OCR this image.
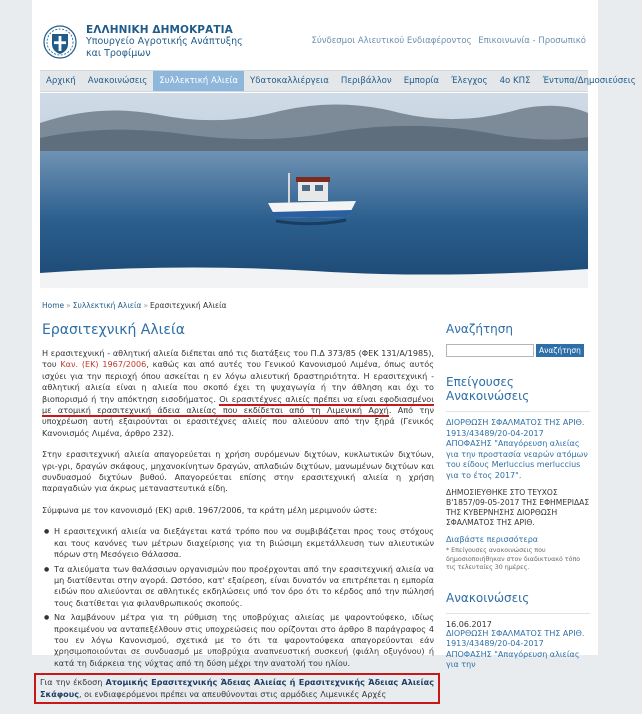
ΕΛΛΗΝΙΚΗ ΔΗΜΟΚΡΑΤΙΑ
Υπουργείο Αγροτικής Ανάπτυξης
και Τροφίμων
Σύνδεσμοι Αλιευτικού Ενδιαφέροντος Επικοινωνία - Προσωπικό
Αρχική	Ανακοινώσεις	Συλλεκτική Αλιεία	Υδατοκαλλιέργεια	Περιβάλλον	Εμπορία	Έλεγχος	4ο ΚΠΣ	Έντυπα/Δημοσιεύσεις
Home » Συλλεκτική Αλιεία » Ερασιτεχνική Αλιεία
Ερασιτεχνική Αλιεία
Η ερασιτεχνική - αθλητική αλιεία διέπεται από τις διατάξεις του Π.Δ 373/85 (ΦΕΚ 131/Α/1985), του Καν. (ΕΚ) 1967/2006, καθώς και από αυτές του Γενικού Κανονισμού Λιμένα, όπως αυτός ισχύει για την περιοχή όπου ασκείται η εν λόγω αλιευτική δραστηριότητα. Η ερασιτεχνική - αθλητική αλιεία είναι η αλιεία που σκοπό έχει τη ψυχαγωγία ή την άθληση και όχι το βιοπορισμό ή την απόκτηση εισοδήματος. Οι ερασιτέχνες αλιείς πρέπει να είναι εφοδιασμένοι με ατομική ερασιτεχνική άδεια αλιείας που εκδίδεται από τη Λιμενική Αρχή. Από την υποχρέωση αυτή εξαιρούνται οι ερασιτέχνες αλιείς που αλιεύουν από την ξηρά (Γενικός Κανονισμός Λιμένα, άρθρο 232).
Στην ερασιτεχνική αλιεία απαγορεύεται η χρήση συρόμενων διχτύων, κυκλωτικών διχτύων, γρι-γρι, δραγών σκάφους, μηχανοκίνητων δραγών, απλαδιών διχτύων, μανωμένων διχτύων και συνδυασμού διχτύων βυθού. Απαγορεύεται επίσης στην ερασιτεχνική αλιεία η χρήση παραγαδιών για άκρως μεταναστευτικά είδη.
Σύμφωνα με τον κανονισμό (ΕΚ) αριθ. 1967/2006, τα κράτη μέλη μεριμνούν ώστε:
● Η ερασιτεχνική αλιεία να διεξάγεται κατά τρόπο που να συμβιβάζεται προς τους στόχους και τους κανόνες των μέτρων διαχείρισης για τη βιώσιμη εκμετάλλευση των αλιευτικών πόρων στη Μεσόγειο Θάλασσα.
● Τα αλιεύματα των θαλάσσιων οργανισμών που προέρχονται από την ερασιτεχνική αλιεία να μη διατίθενται στην αγορά. Ωστόσο, κατ' εξαίρεση, είναι δυνατόν να επιτρέπεται η εμπορία ειδών που αλιεύονται σε αθλητικές εκδηλώσεις υπό τον όρο ότι το κέρδος από την πώλησή τους διατίθεται για φιλανθρωπικούς σκοπούς.
● Να λαμβάνουν μέτρα για τη ρύθμιση της υποβρύχιας αλιείας με ψαροντούφεκο, ιδίως προκειμένου να ανταπεξέλθουν στις υποχρεώσεις που ορίζονται στο άρθρο 8 παράγραφος 4 του εν λόγω Κανονισμού, σχετικά με το ότι τα ψαροντούφεκα απαγορεύονται εάν χρησιμοποιούνται σε συνδυασμό με υποβρύχια αναπνευστική συσκευή (φιάλη οξυγόνου) ή κατά τη διάρκεια της νύχτας από τη δύση μέχρι την ανατολή του ηλίου.
Για την έκδοση Ατομικής Ερασιτεχνικής Άδειας Αλιείας ή Ερασιτεχνικής Άδειας Αλιείας Σκάφους, οι ενδιαφερόμενοι πρέπει να απευθύνονται στις αρμόδιες Λιμενικές Αρχές
Αναζήτηση
Αναζήτηση
Επείγουσες Ανακοινώσεις
ΔΙΟΡΘΩΣΗ ΣΦΑΛΜΑΤΟΣ ΤΗΣ ΑΡΙΘ. 1913/43489/20-04-2017 ΑΠΟΦΑΣΗΣ "Απαγόρευση αλιείας για την προστασία νεαρών ατόμων του είδους Merluccius merluccius για το έτος 2017".
ΔΗΜΟΣΙΕΥΘΗΚΕ ΣΤΟ ΤΕΥΧΟΣ Β'1857/09-05-2017 ΤΗΣ ΕΦΗΜΕΡΙΔΑΣ ΤΗΣ ΚΥΒΕΡΝΗΣΗΣ ΔΙΟΡΘΩΣΗ ΣΦΑΛΜΑΤΟΣ ΤΗΣ ΑΡΙΘ.
Διαβάστε περισσότερα
* Επείγουσες ανακοινώσεις που δημοσιοποιήθηκαν στον διαδικτυακό τόπο τις τελευταίες 30 ημέρες.
Ανακοινώσεις
16.06.2017
ΔΙΟΡΘΩΣΗ ΣΦΑΛΜΑΤΟΣ ΤΗΣ ΑΡΙΘ. 1913/43489/20-04-2017 ΑΠΟΦΑΣΗΣ "Απαγόρευση αλιείας για την
